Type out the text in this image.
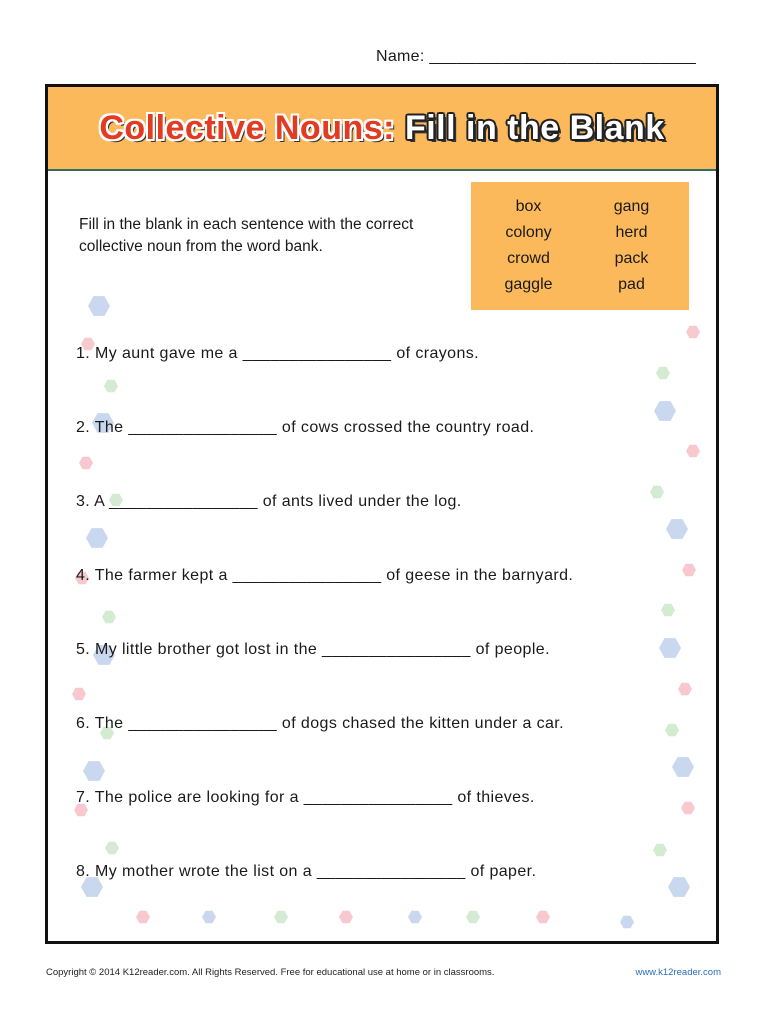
Name: _____________________________
Collective Nouns: Fill in the Blank
Fill in the blank in each sentence with the correct collective noun from the word bank.
box	gang
colony	herd
crowd	pack
gaggle	pad
1. My aunt gave me a ________________ of crayons.
2. The ________________ of cows crossed the country road.
3. A ________________ of ants lived under the log.
4. The farmer kept a ________________ of geese in the barnyard.
5. My little brother got lost in the ________________ of people.
6. The ________________ of dogs chased the kitten under a car.
7. The police are looking for a ________________ of thieves.
8. My mother wrote the list on a ________________ of paper.
Copyright © 2014 K12reader.com. All Rights Reserved. Free for educational use at home or in classrooms.	www.k12reader.com
